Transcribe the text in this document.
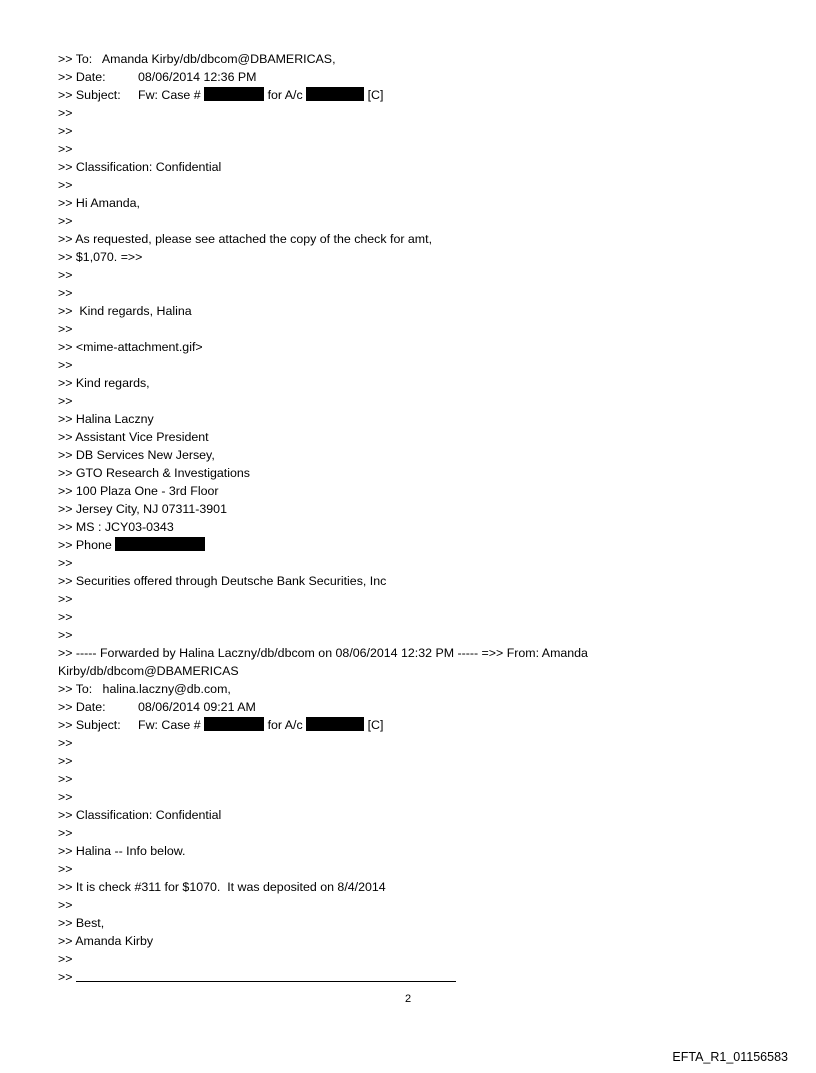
>> To: Amanda Kirby/db/dbcom@DBAMERICAS,
>> Date:	08/06/2014 12:36 PM
>> Subject: Fw: Case #	for A/c	[C]
>>
>>
>>
>> Classification: Confidential
>>
>> Hi Amanda,
>>
>> As requested, please see attached the copy of the check for amt,
>> $1,070. =>>
>>
>>
>>  Kind regards, Halina
>>
>> <mime-attachment.gif>
>>
>> Kind regards,
>>
>> Halina Laczny
>> Assistant Vice President
>> DB Services New Jersey,
>> GTO Research & Investigations
>> 100 Plaza One - 3rd Floor
>> Jersey City, NJ 07311-3901
>> MS : JCY03-0343
>> Phone
>>
>> Securities offered through Deutsche Bank Securities, Inc
>>
>>
>>
>> ----- Forwarded by Halina Laczny/db/dbcom on 08/06/2014 12:32 PM ----- =>> From: Amanda Kirby/db/dbcom@DBAMERICAS
>> To: halina.laczny@db.com,
>> Date:	08/06/2014 09:21 AM
>> Subject: Fw: Case #	for A/c	[C]
>>
>>
>>
>>
>> Classification: Confidential
>>
>> Halina -- Info below.
>>
>> It is check #311 for $1070.  It was deposited on 8/4/2014
>>
>> Best,
>> Amanda Kirby
>>
>>
2
EFTA_R1_01156583
